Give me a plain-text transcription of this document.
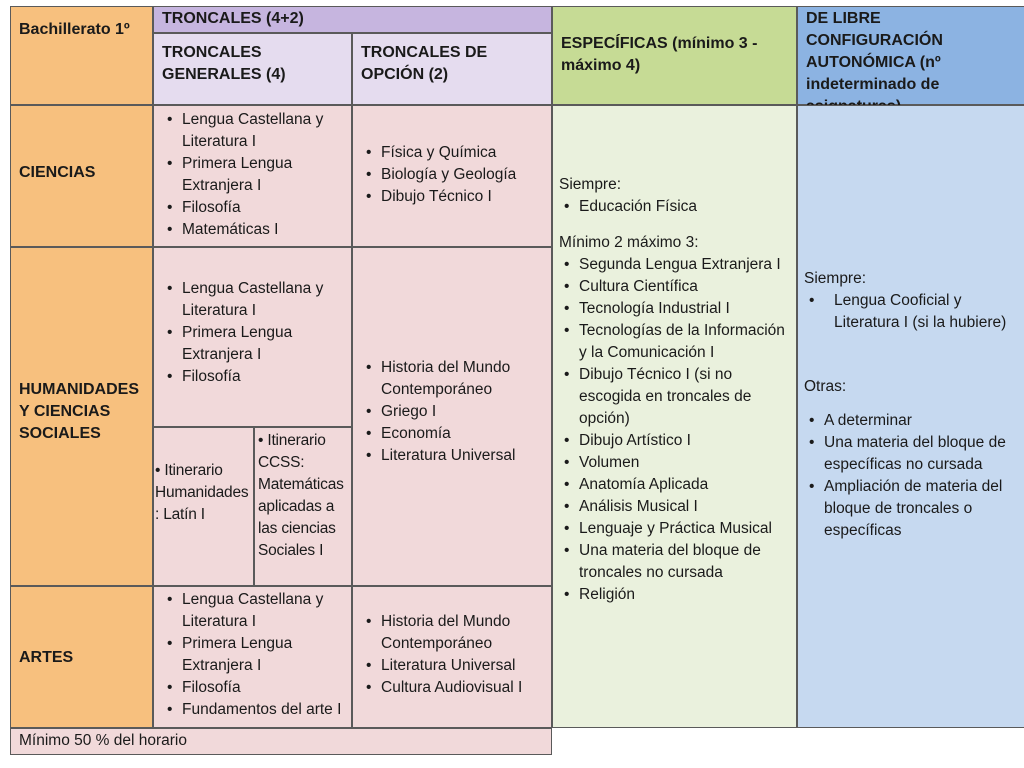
Bachillerato 1º
TRONCALES (4+2)
TRONCALES GENERALES (4)
TRONCALES DE OPCIÓN (2)
ESPECÍFICAS (mínimo 3 - máximo 4)
DE LIBRE CONFIGURACIÓN AUTONÓMICA (nº indeterminado de
CIENCIAS
HUMANIDADES Y CIENCIAS SOCIALES
ARTES
• Lengua Castellana y Literatura I
• Primera Lengua Extranjera I
• Filosofía
• Matemáticas I
• Lengua Castellana y Literatura I
• Primera Lengua Extranjera I
• Filosofía
• Itinerario Humanidades : Latín I
• Itinerario CCSS: Matemáticas aplicadas a las ciencias Sociales I
• Lengua Castellana y Literatura I
• Primera Lengua Extranjera I
• Filosofía
• Fundamentos del arte I
• Física y Química
• Biología y Geología
• Dibujo Técnico I
• Historia del Mundo Contemporáneo
• Griego I
• Economía
• Literatura Universal
• Historia del Mundo Contemporáneo
• Literatura Universal
• Cultura Audiovisual I
Siempre:
• Educación Física
Mínimo 2 máximo 3:
• Segunda Lengua Extranjera I
• Cultura Científica
• Tecnología Industrial I
• Tecnologías de la Información y la Comunicación I
• Dibujo Técnico I (si no escogida en troncales de opción)
• Dibujo Artístico I
• Volumen
• Anatomía Aplicada
• Análisis Musical I
• Lenguaje y Práctica Musical
• Una materia del bloque de troncales no cursada
• Religión
Siempre:
• Lengua Cooficial y Literatura I (si la hubiere)
Otras:
• A determinar
• Una materia del bloque de específicas no cursada
• Ampliación de materia del bloque de troncales o específicas
Mínimo 50 % del horario
